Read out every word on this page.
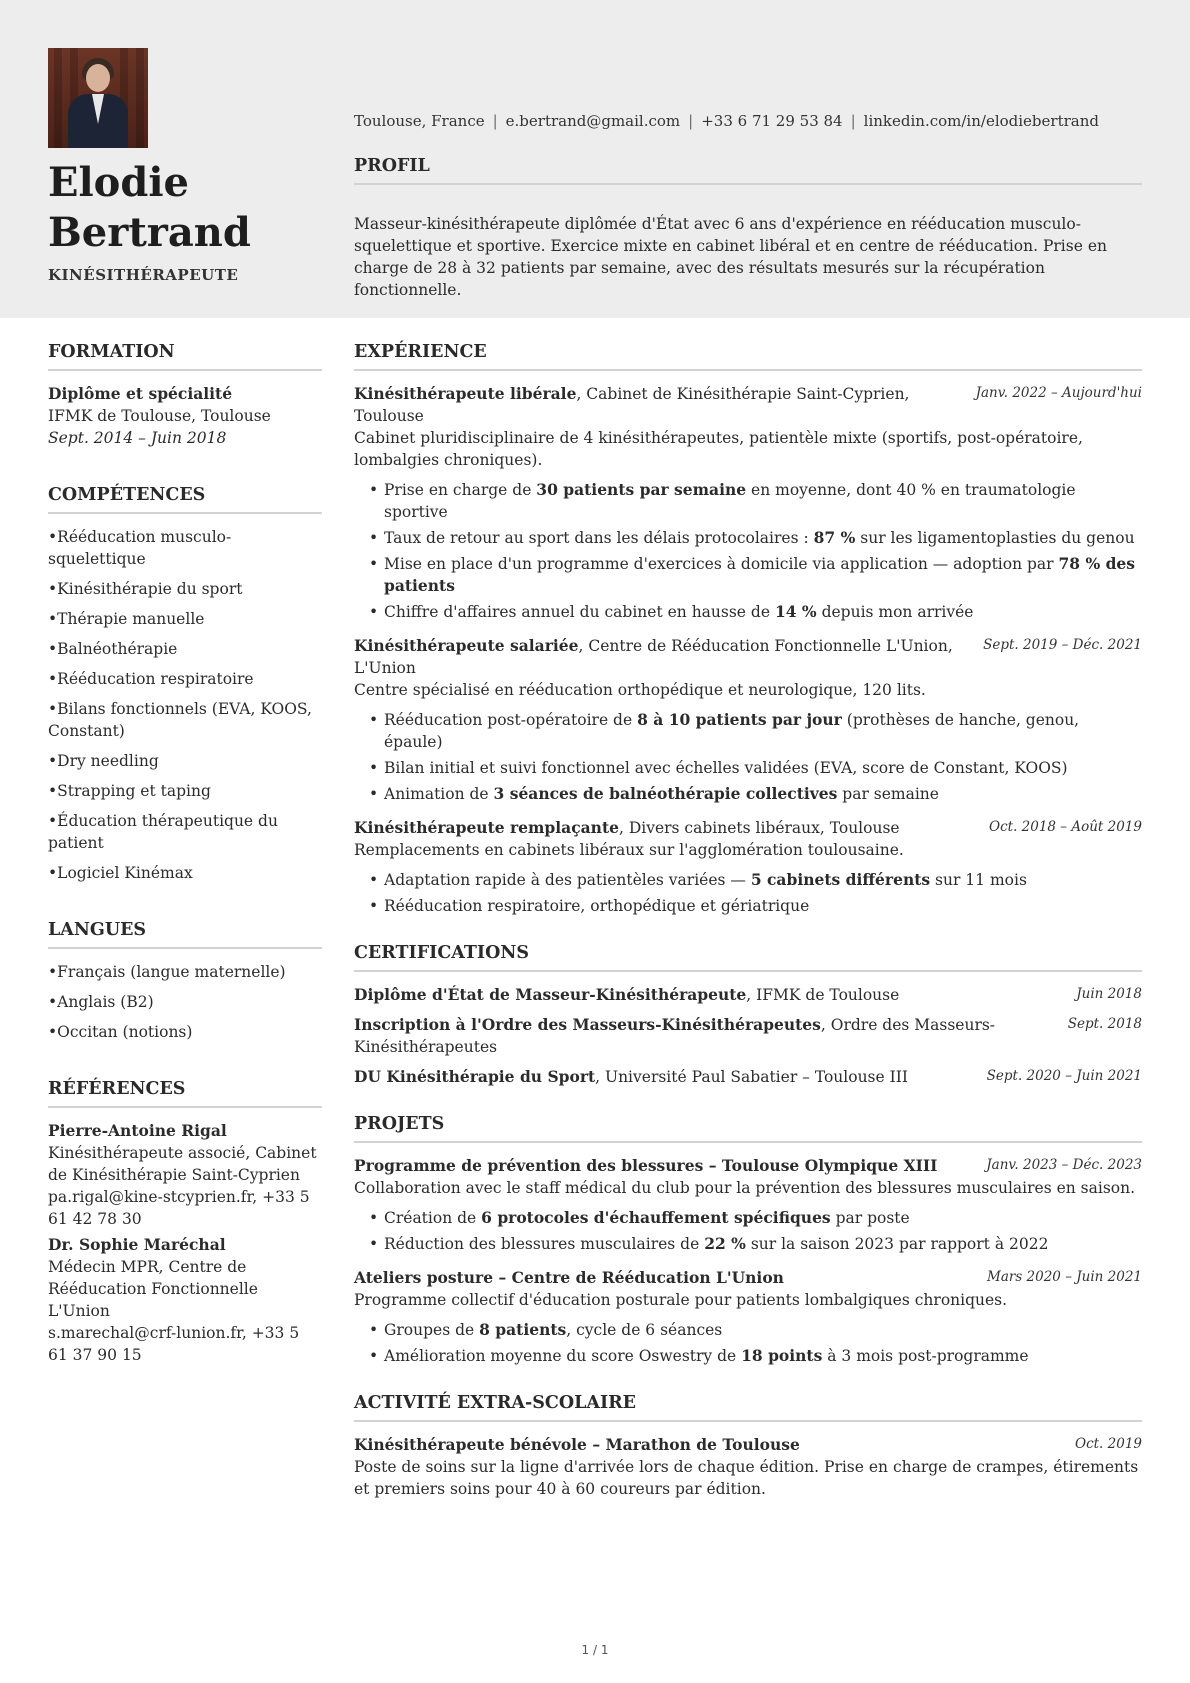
Elodie
Bertrand
KINÉSITHÉRAPEUTE
Toulouse, France | e.bertrand@gmail.com | +33 6 71 29 53 84 | linkedin.com/in/elodiebertrand
PROFIL

Masseur-kinésithérapeute diplômée d'État avec 6 ans d'expérience en rééducation musculo-squelettique et sportive. Exercice mixte en cabinet libéral et en centre de rééducation. Prise en charge de 28 à 32 patients par semaine, avec des résultats mesurés sur la récupération fonctionnelle.

FORMATION
Diplôme et spécialité
IFMK de Toulouse, Toulouse
Sept. 2014 – Juin 2018
COMPÉTENCES
• Rééducation musculo-squelettique
• Kinésithérapie du sport
• Thérapie manuelle
• Balnéothérapie
• Rééducation respiratoire
• Bilans fonctionnels (EVA, KOOS, Constant)
• Dry needling
• Strapping et taping
• Éducation thérapeutique du patient
• Logiciel Kinémax
LANGUES
• Français (langue maternelle)
• Anglais (B2)
• Occitan (notions)
RÉFÉRENCES
Pierre-Antoine Rigal
Kinésithérapeute associé, Cabinet de Kinésithérapie Saint-Cyprien
pa.rigal@kine-stcyprien.fr, +33 5 61 42 78 30
Dr. Sophie Maréchal
Médecin MPR, Centre de Rééducation Fonctionnelle L'Union
s.marechal@crf-lunion.fr, +33 5 61 37 90 15
EXPÉRIENCE
Kinésithérapeute libérale, Cabinet de Kinésithérapie Saint-Cyprien, Toulouse
Janv. 2022 – Aujourd'hui
Cabinet pluridisciplinaire de 4 kinésithérapeutes, patientèle mixte (sportifs, post-opératoire, lombalgies chroniques).
• Prise en charge de 30 patients par semaine en moyenne, dont 40 % en traumatologie sportive
• Taux de retour au sport dans les délais protocolaires : 87 % sur les ligamentoplasties du genou
• Mise en place d'un programme d'exercices à domicile via application — adoption par 78 % des patients
• Chiffre d'affaires annuel du cabinet en hausse de 14 % depuis mon arrivée
Kinésithérapeute salariée, Centre de Rééducation Fonctionnelle L'Union, L'Union
Sept. 2019 – Déc. 2021
Centre spécialisé en rééducation orthopédique et neurologique, 120 lits.
• Rééducation post-opératoire de 8 à 10 patients par jour (prothèses de hanche, genou, épaule)
• Bilan initial et suivi fonctionnel avec échelles validées (EVA, score de Constant, KOOS)
• Animation de 3 séances de balnéothérapie collectives par semaine
Kinésithérapeute remplaçante, Divers cabinets libéraux, Toulouse	Oct. 2018 – Août 2019
Remplacements en cabinets libéraux sur l'agglomération toulousaine.
• Adaptation rapide à des patientèles variées — 5 cabinets différents sur 11 mois
• Rééducation respiratoire, orthopédique et gériatrique
CERTIFICATIONS
Diplôme d'État de Masseur-Kinésithérapeute, IFMK de Toulouse	Juin 2018
Inscription à l'Ordre des Masseurs-Kinésithérapeutes, Ordre des Masseurs-Kinésithérapeutes
Sept. 2018
DU Kinésithérapie du Sport, Université Paul Sabatier – Toulouse III	Sept. 2020 – Juin 2021
PROJETS
Programme de prévention des blessures – Toulouse Olympique XIII	Janv. 2023 – Déc. 2023
Collaboration avec le staff médical du club pour la prévention des blessures musculaires en saison.
• Création de 6 protocoles d'échauffement spécifiques par poste
• Réduction des blessures musculaires de 22 % sur la saison 2023 par rapport à 2022
Ateliers posture – Centre de Rééducation L'Union	Mars 2020 – Juin 2021
Programme collectif d'éducation posturale pour patients lombalgiques chroniques.
• Groupes de 8 patients, cycle de 6 séances
• Amélioration moyenne du score Oswestry de 18 points à 3 mois post-programme
ACTIVITÉ EXTRA-SCOLAIRE
Kinésithérapeute bénévole – Marathon de Toulouse	Oct. 2019
Poste de soins sur la ligne d'arrivée lors de chaque édition. Prise en charge de crampes, étirements et premiers soins pour 40 à 60 coureurs par édition.
1 / 1
